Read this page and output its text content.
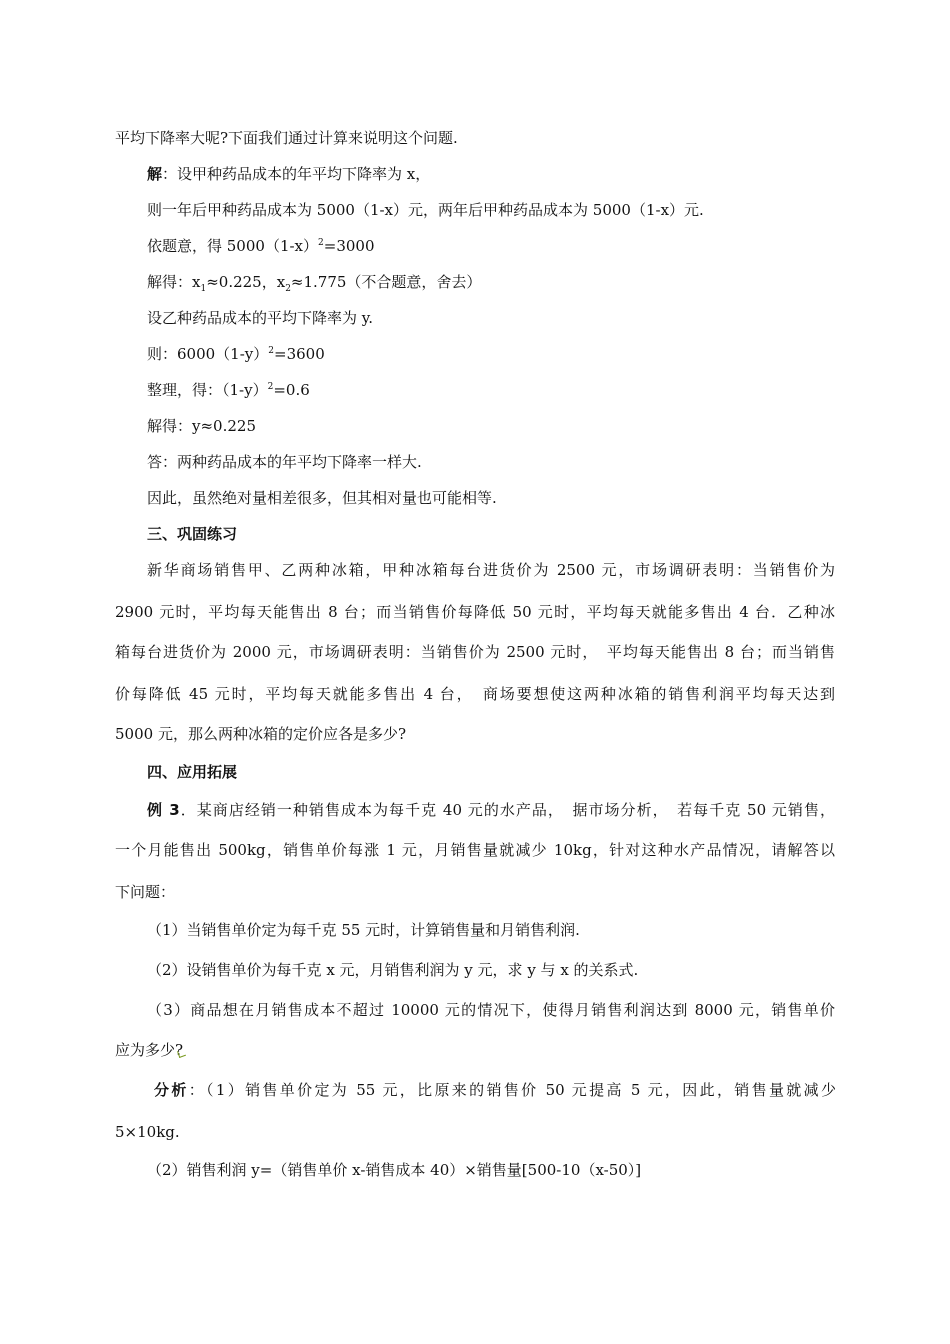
平均下降率大呢?下面我们通过计算来说明这个问题.
解：设甲种药品成本的年平均下降率为 x，
则一年后甲种药品成本为 5000（1-x）元，两年后甲种药品成本为 5000（1-x）元.
依题意，得 $5000(1-x)^2=3000$
解得：$x_1\approx 0.225$，$x_2\approx 1.775$（不合题意，舍去）
设乙种药品成本的平均下降率为 y.
则：$6000(1-y)^2=3600$
整理，得：$(1-y)^2=0.6$
解得：y≈0.225
答：两种药品成本的年平均下降率一样大.
因此，虽然绝对量相差很多，但其相对量也可能相等.
三、巩固练习
新华商场销售甲、乙两种冰箱，甲种冰箱每台进货价为 2500 元，市场调研表明：当销售价为
2900 元时，平均每天能售出 8 台；而当销售价每降低 50 元时，平均每天就能多售出 4 台．乙种冰
箱每台进货价为 2000 元，市场调研表明：当销售价为 2500 元时，　平均每天能售出 8 台；而当销售
价每降低 45 元时，平均每天就能多售出 4 台，　商场要想使这两种冰箱的销售利润平均每天达到
5000 元，那么两种冰箱的定价应各是多少?
四、应用拓展
例 3．某商店经销一种销售成本为每千克 40 元的水产品，　据市场分析，　若每千克 50 元销售，
一个月能售出 500kg，销售单价每涨 1 元，月销售量就减少 10kg，针对这种水产品情况，请解答以
下问题：
（1）当销售单价定为每千克 55 元时，计算销售量和月销售利润.
（2）设销售单价为每千克 x 元，月销售利润为 y 元，求 y 与 x 的关系式.
（3）商品想在月销售成本不超过 10000 元的情况下，使得月销售利润达到 8000 元，销售单价
应为多少?
分析：（1）销售单价定为 55 元，比原来的销售价 50 元提高 5 元，因此，销售量就减少
5×10kg.
（2）销售利润 y=（销售单价 x-销售成本 40）×销售量[500-10（x-50）]
